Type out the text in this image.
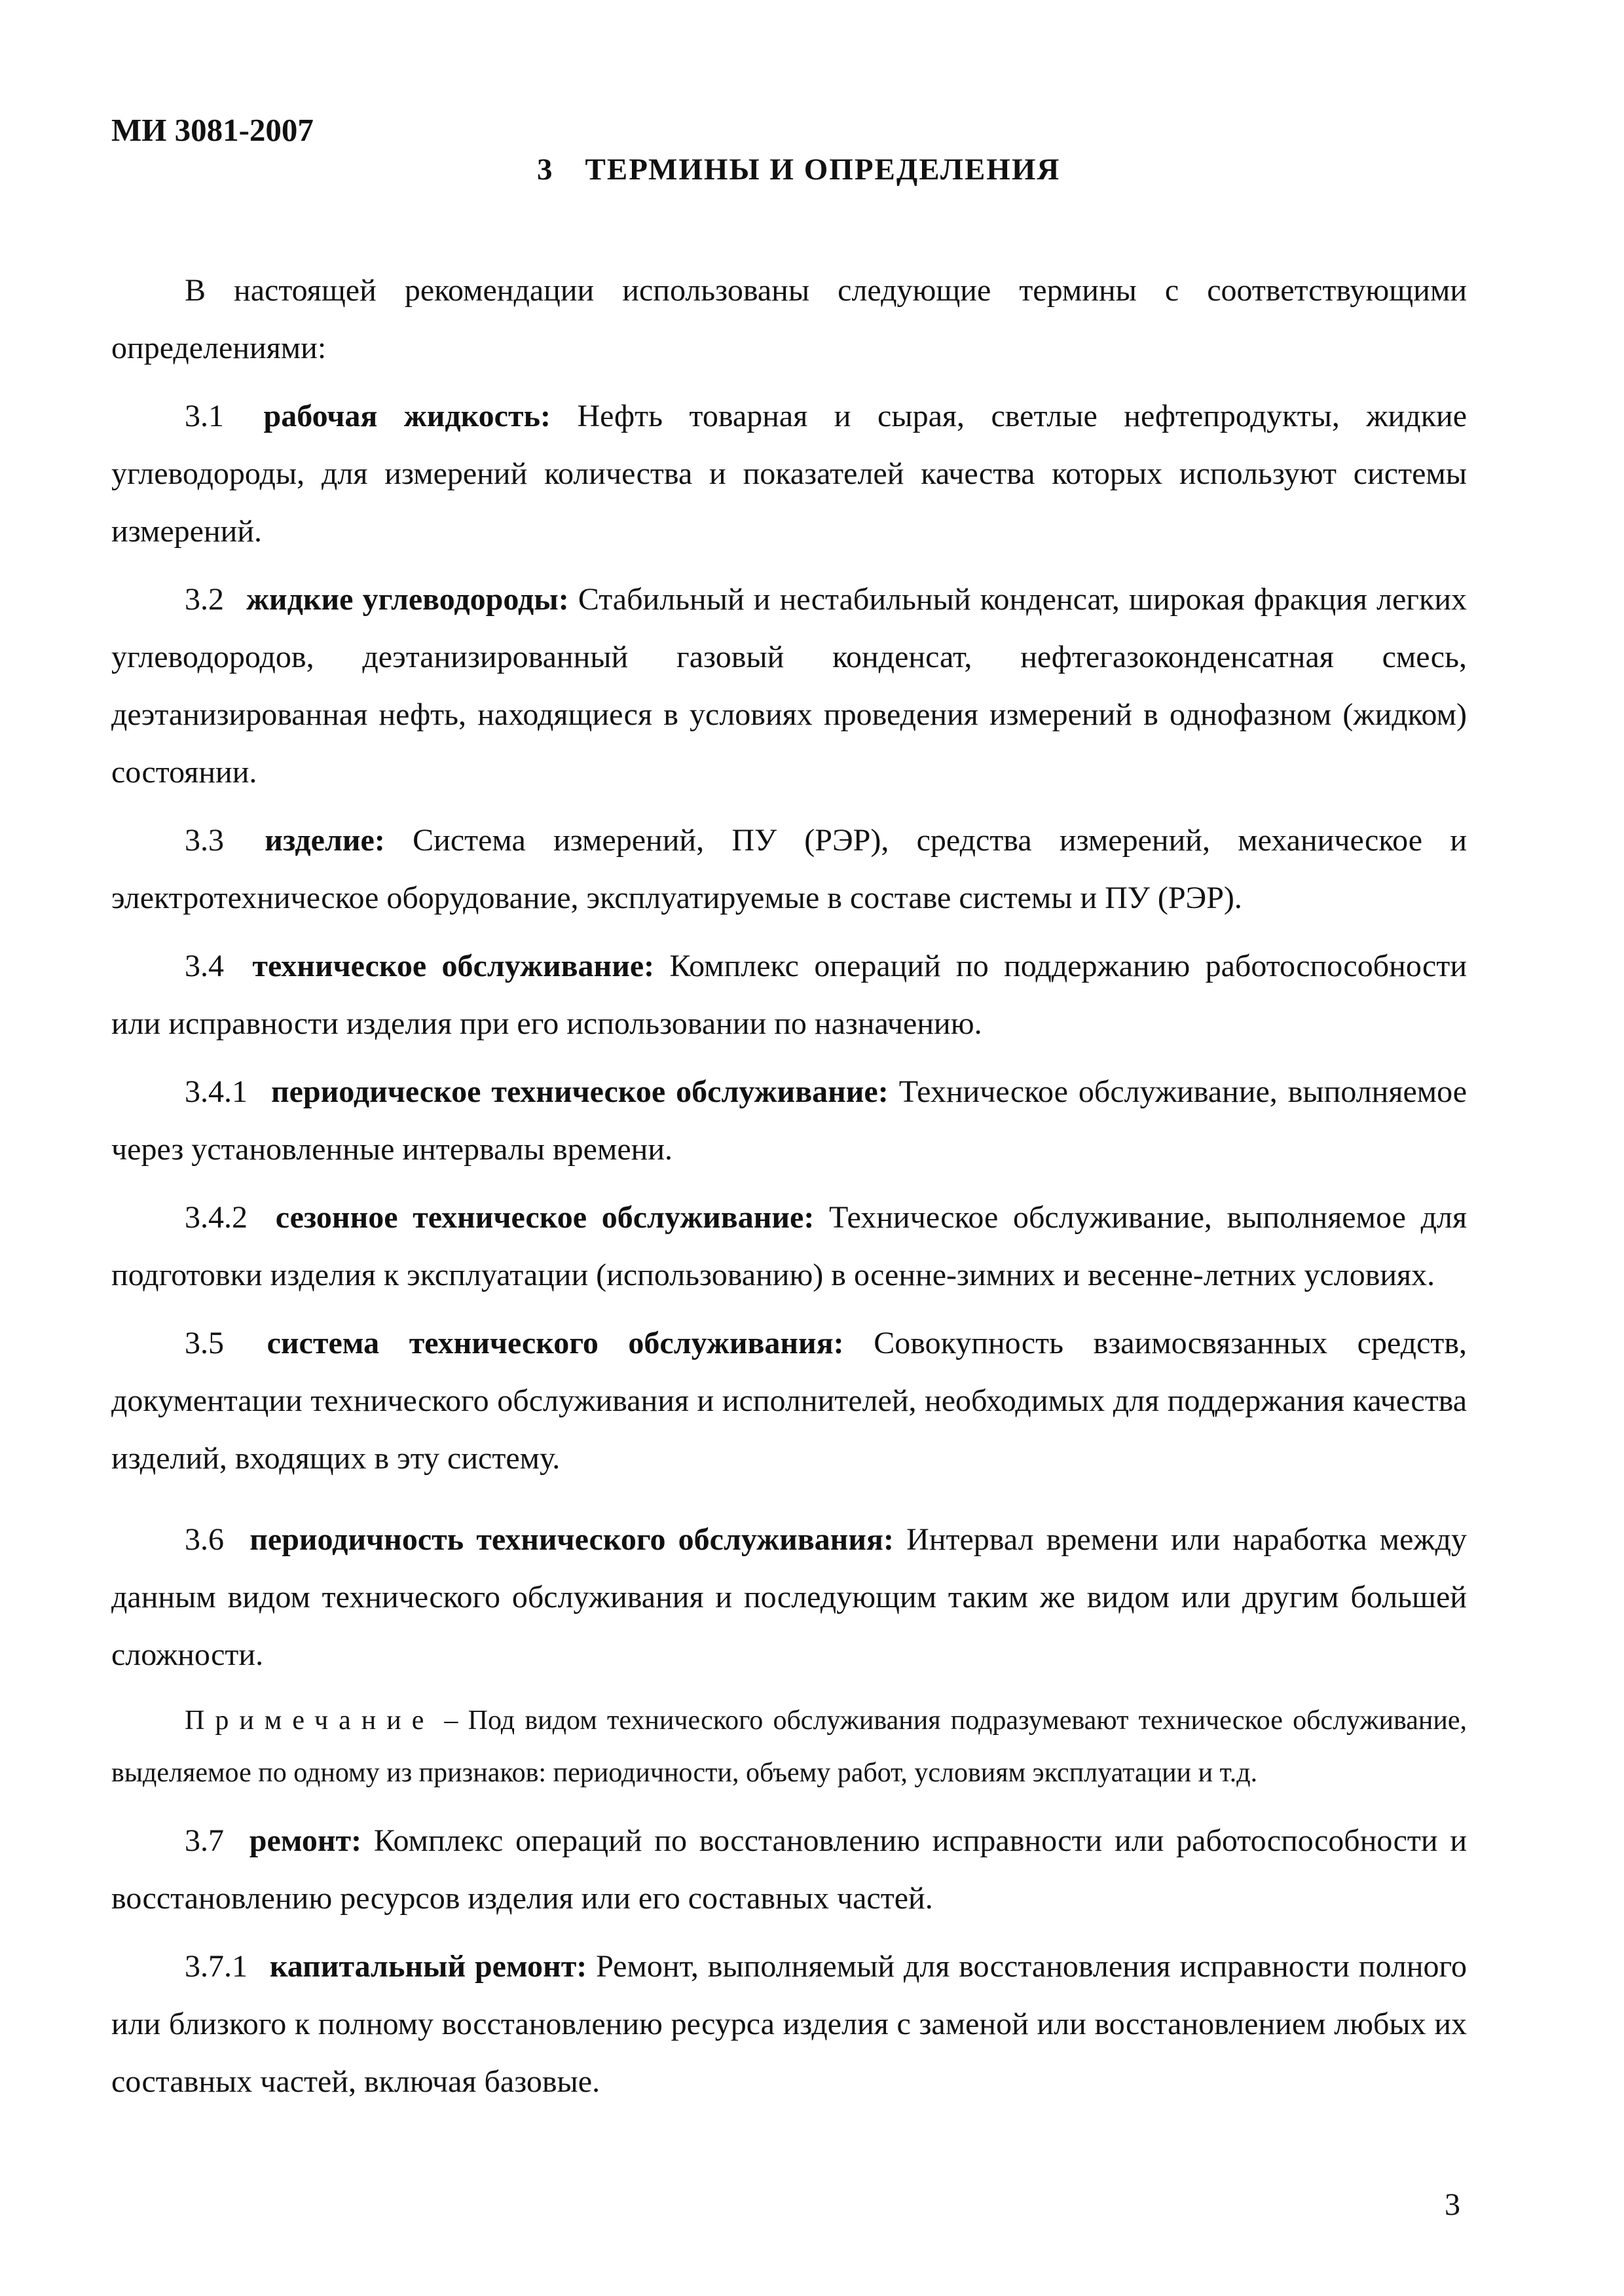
МИ 3081-2007
3 ТЕРМИНЫ И ОПРЕДЕЛЕНИЯ

В настоящей рекомендации использованы следующие термины с соответствующими определениями:

3.1 рабочая жидкость: Нефть товарная и сырая, светлые нефтепродукты, жидкие углеводороды, для измерений количества и показателей качества которых используют системы измерений.

3.2 жидкие углеводороды: Стабильный и нестабильный конденсат, широкая фракция легких углеводородов, деэтанизированный газовый конденсат, нефтегазоконденсатная смесь, деэтанизированная нефть, находящиеся в условиях проведения измерений в однофазном (жидком) состоянии.

3.3 изделие: Система измерений, ПУ (РЭР), средства измерений, механическое и электротехническое оборудование, эксплуатируемые в составе системы и ПУ (РЭР).

3.4 техническое обслуживание: Комплекс операций по поддержанию работоспособности или исправности изделия при его использовании по назначению.

3.4.1 периодическое техническое обслуживание: Техническое обслуживание, выполняемое через установленные интервалы времени.

3.4.2 сезонное техническое обслуживание: Техническое обслуживание, выполняемое для подготовки изделия к эксплуатации (использованию) в осенне-зимних и весенне-летних условиях.

3.5 система технического обслуживания: Совокупность взаимосвязанных средств, документации технического обслуживания и исполнителей, необходимых для поддержания качества изделий, входящих в эту систему.

3.6 периодичность технического обслуживания: Интервал времени или наработка между данным видом технического обслуживания и последующим таким же видом или другим большей сложности.

Примечание – Под видом технического обслуживания подразумевают техническое обслуживание, выделяемое по одному из признаков: периодичности, объему работ, условиям эксплуатации и т.д.

3.7 ремонт: Комплекс операций по восстановлению исправности или работоспособности и восстановлению ресурсов изделия или его составных частей.

3.7.1 капитальный ремонт: Ремонт, выполняемый для восстановления исправности полного или близкого к полному восстановлению ресурса изделия с заменой или восстановлением любых их составных частей, включая базовые.

3
